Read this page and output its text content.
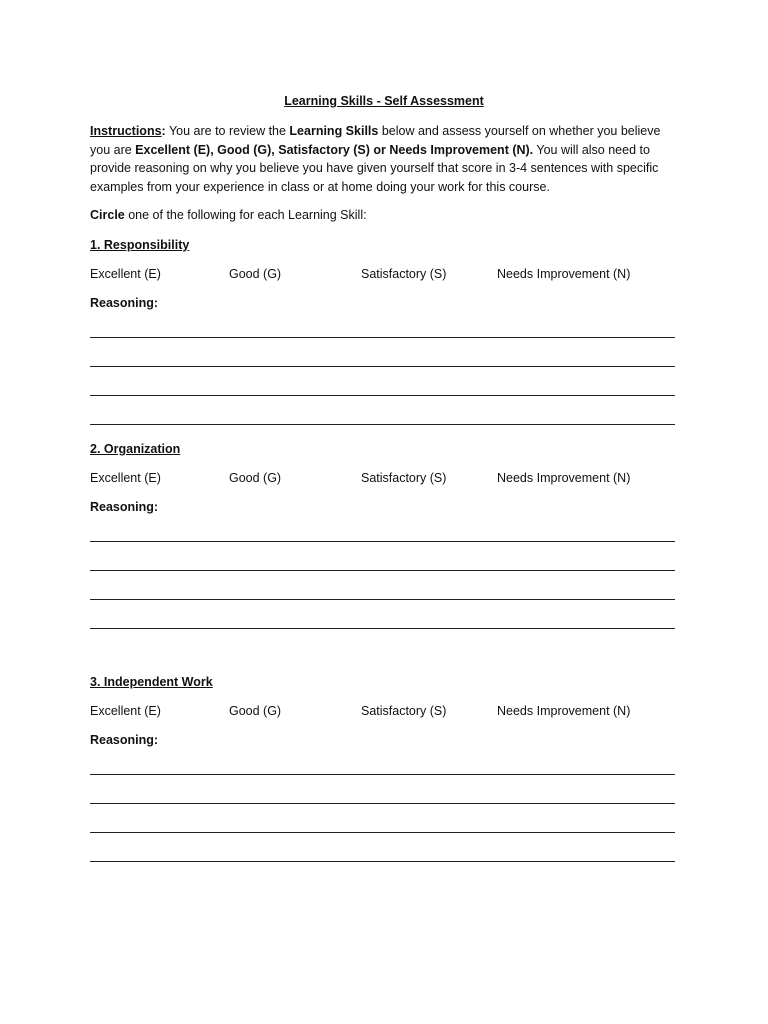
Learning Skills - Self Assessment
Instructions: You are to review the Learning Skills below and assess yourself on whether you believe you are Excellent (E), Good (G), Satisfactory (S) or Needs Improvement (N). You will also need to provide reasoning on why you believe you have given yourself that score in 3-4 sentences with specific examples from your experience in class or at home doing your work for this course.
Circle one of the following for each Learning Skill:
1. Responsibility
Excellent (E)	Good (G)	Satisfactory (S)	Needs Improvement (N)
Reasoning:
2. Organization
Excellent (E)	Good (G)	Satisfactory (S)	Needs Improvement (N)
Reasoning:
3. Independent Work
Excellent (E)	Good (G)	Satisfactory (S)	Needs Improvement (N)
Reasoning:
